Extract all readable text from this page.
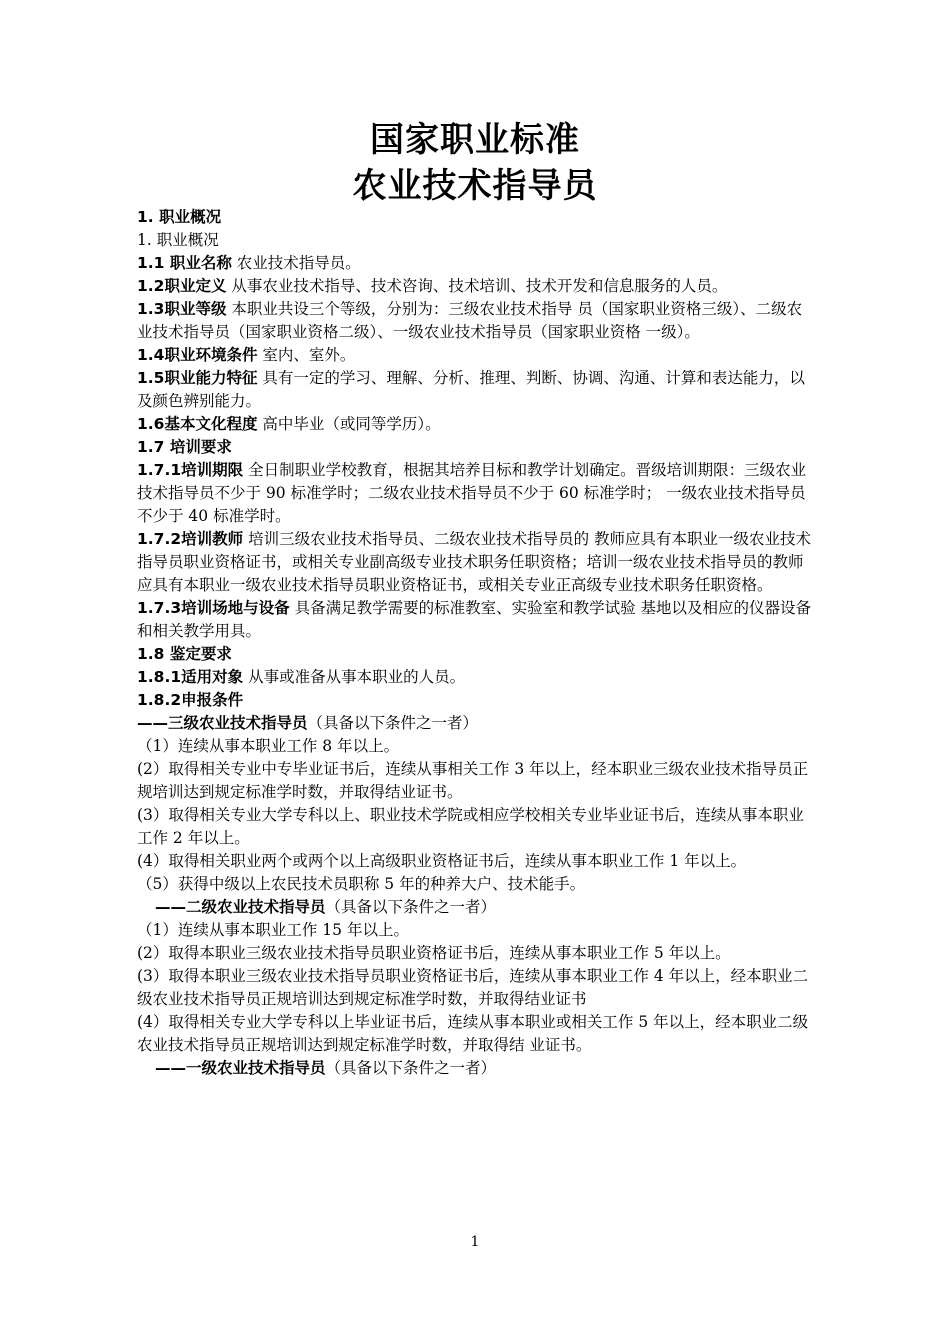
国家职业标准
农业技术指导员

1. 职业概况

1. 职业概况

1.1 职业名称 农业技术指导员。

1.2职业定义 从事农业技术指导、技术咨询、技术培训、技术开发和信息服务的人员。

1.3职业等级 本职业共设三个等级，分别为：三级农业技术指导 员（国家职业资格三级）、二级农业技术指导员（国家职业资格二级）、一级农业技术指导员（国家职业资格 一级）。

1.4职业环境条件 室内、室外。

1.5职业能力特征 具有一定的学习、理解、分析、推理、判断、协调、沟通、计算和表达能力，以及颜色辨别能力。

1.6基本文化程度 高中毕业（或同等学历）。

1.7 培训要求

1.7.1培训期限 全日制职业学校教育，根据其培养目标和教学计划确定。晋级培训期限：三级农业技术指导员不少于 90 标准学时；二级农业技术指导员不少于 60 标准学时； 一级农业技术指导员不少于 40 标准学时。

1.7.2培训教师 培训三级农业技术指导员、二级农业技术指导员的 教师应具有本职业一级农业技术指导员职业资格证书，或相关专业副高级专业技术职务任职资格；培训一级农业技术指导员的教师应具有本职业一级农业技术指导员职业资格证书，或相关专业正高级专业技术职务任职资格。

1.7.3培训场地与设备 具备满足教学需要的标准教室、实验室和教学试验 基地以及相应的仪器设备和相关教学用具。

1.8 鉴定要求

1.8.1适用对象 从事或准备从事本职业的人员。

1.8.2申报条件

——三级农业技术指导员（具备以下条件之一者）

（1）连续从事本职业工作 8 年以上。

(2）取得相关专业中专毕业证书后，连续从事相关工作 3 年以上，经本职业三级农业技术指导员正规培训达到规定标准学时数，并取得结业证书。

(3）取得相关专业大学专科以上、职业技术学院或相应学校相关专业毕业证书后，连续从事本职业工作 2 年以上。

(4）取得相关职业两个或两个以上高级职业资格证书后，连续从事本职业工作 1 年以上。

（5）获得中级以上农民技术员职称 5 年的种养大户、技术能手。

——二级农业技术指导员（具备以下条件之一者）

（1）连续从事本职业工作 15 年以上。

(2）取得本职业三级农业技术指导员职业资格证书后，连续从事本职业工作 5 年以上。

(3）取得本职业三级农业技术指导员职业资格证书后，连续从事本职业工作 4 年以上，经本职业二级农业技术指导员正规培训达到规定标准学时数，并取得结业证书

(4）取得相关专业大学专科以上毕业证书后，连续从事本职业或相关工作 5 年以上，经本职业二级农业技术指导员正规培训达到规定标准学时数，并取得结 业证书。

——一级农业技术指导员（具备以下条件之一者）

1
